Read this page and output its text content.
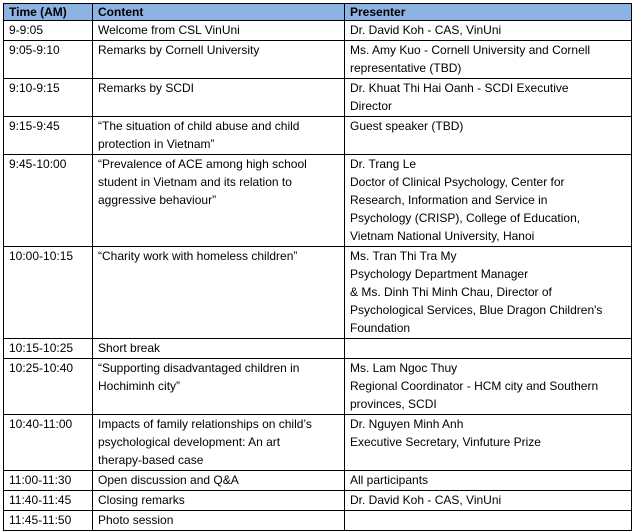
Time (AM)	Content	Presenter
9-9:05	Welcome from CSL VinUni	Dr. David Koh - CAS, VinUni

9:05-9:10	Remarks by Cornell University	Ms. Amy Kuo - Cornell University and Cornell
representative (TBD)

9:10-9:15	Remarks by SCDI	Dr. Khuat Thi Hai Oanh - SCDI Executive
Director

9:15-9:45	“The situation of child abuse and child
protection in Vietnam”	Guest speaker (TBD)

9:45-10:00	“Prevalence of ACE among high school
student in Vietnam and its relation to
aggressive behaviour”	Dr. Trang Le
Doctor of Clinical Psychology, Center for
Research, Information and Service in
Psychology (CRISP), College of Education,
Vietnam National University, Hanoi

10:00-10:15	“Charity work with homeless children”	Ms. Tran Thi Tra My
Psychology Department Manager
& Ms. Dinh Thi Minh Chau, Director of
Psychological Services, Blue Dragon Children's
Foundation

10:15-10:25	Short break	

10:25-10:40	“Supporting disadvantaged children in
Hochiminh city”	Ms. Lam Ngoc Thuy
Regional Coordinator - HCM city and Southern
provinces, SCDI

10:40-11:00	Impacts of family relationships on child’s
psychological development: An art
therapy-based case	Dr. Nguyen Minh Anh
Executive Secretary, Vinfuture Prize

11:00-11:30	Open discussion and Q&A	All participants

11:40-11:45	Closing remarks	Dr. David Koh - CAS, VinUni

11:45-11:50	Photo session	
